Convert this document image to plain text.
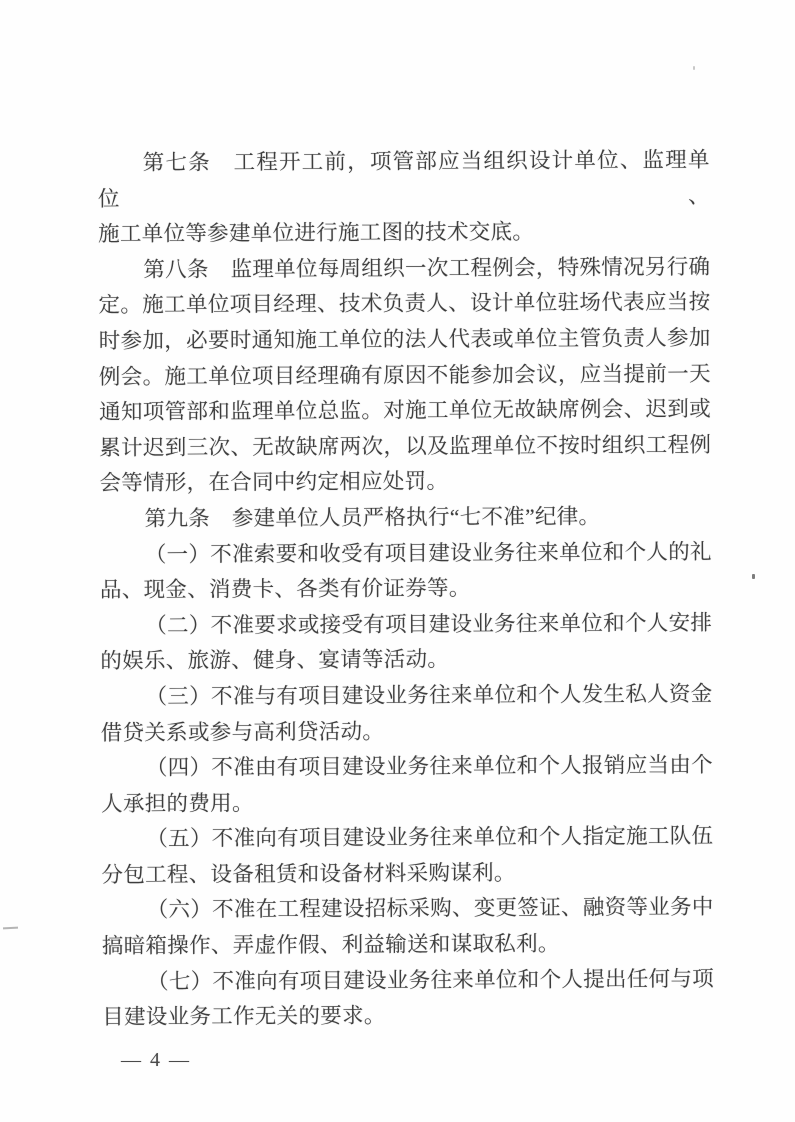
第七条　工程开工前，项管部应当组织设计单位、监理单位、
施工单位等参建单位进行施工图的技术交底。
第八条　监理单位每周组织一次工程例会，特殊情况另行确
定。施工单位项目经理、技术负责人、设计单位驻场代表应当按
时参加，必要时通知施工单位的法人代表或单位主管负责人参加
例会。施工单位项目经理确有原因不能参加会议，应当提前一天
通知项管部和监理单位总监。对施工单位无故缺席例会、迟到或
累计迟到三次、无故缺席两次，以及监理单位不按时组织工程例
会等情形，在合同中约定相应处罚。
第九条　参建单位人员严格执行“七不准”纪律。
（一）不准索要和收受有项目建设业务往来单位和个人的礼
品、现金、消费卡、各类有价证券等。
（二）不准要求或接受有项目建设业务往来单位和个人安排
的娱乐、旅游、健身、宴请等活动。
（三）不准与有项目建设业务往来单位和个人发生私人资金
借贷关系或参与高利贷活动。
（四）不准由有项目建设业务往来单位和个人报销应当由个
人承担的费用。
（五）不准向有项目建设业务往来单位和个人指定施工队伍
分包工程、设备租赁和设备材料采购谋利。
（六）不准在工程建设招标采购、变更签证、融资等业务中
搞暗箱操作、弄虚作假、利益输送和谋取私利。
（七）不准向有项目建设业务往来单位和个人提出任何与项
目建设业务工作无关的要求。
— 4 —
